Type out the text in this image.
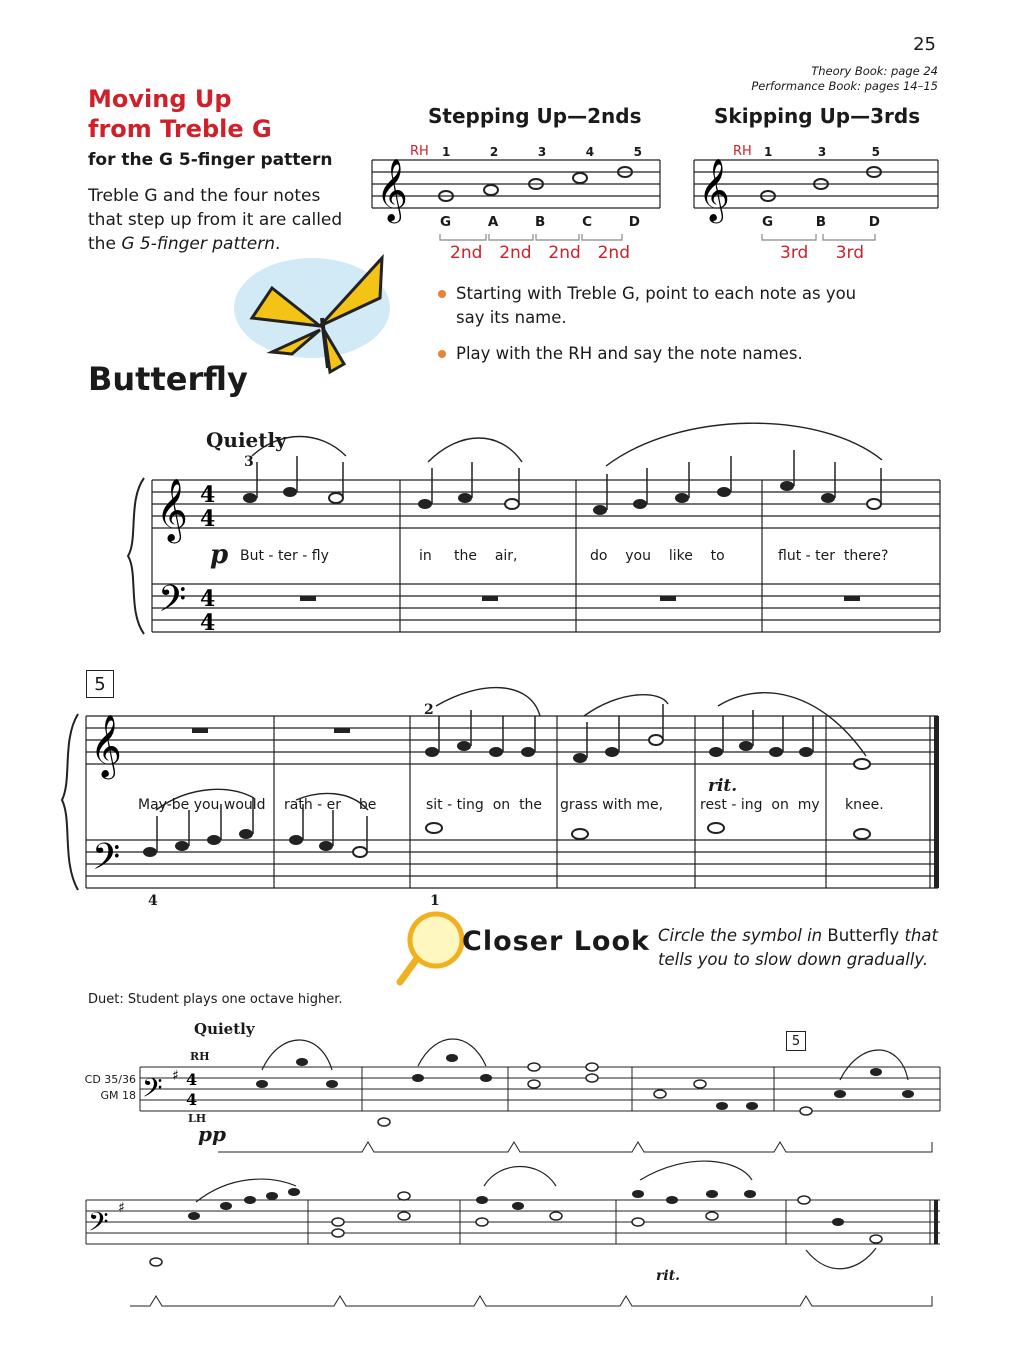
25
Theory Book: page 24
Performance Book: pages 14–15
Moving Up
from Treble G
for the G 5-finger pattern
Treble G and the four notes that step up from it are called the G 5-finger pattern.
Stepping Up—2nds	Skipping Up—3rds
𝄞	𝄞
𝄞
𝄢
4
4
4
4
𝄞
𝄢
𝄢 ♯ 4
4
𝄢 ♯
RH 1	2	3	4	5
G	A	B	C	D
2nd 2nd 2nd 2nd
RH 1	3	5
G	B	D
3rd 3rd
Starting with Treble G, point to each note as you say its name.
Play with the RH and say the note names.
Butterfly
Quietly
3
p But - ter - fly	in the air,	do you like to	flut - ter there?
5
2
rit.
May-be you would rath - er be	sit - ting on the grass with me,	rest - ing on my knee.
4	1
Closer Look Circle the symbol in Butterfly that
tells you to slow down gradually.
Duet: Student plays one octave higher.
Quietly
CD 35/36
GM 18
RH
LH
pp
5
rit.
